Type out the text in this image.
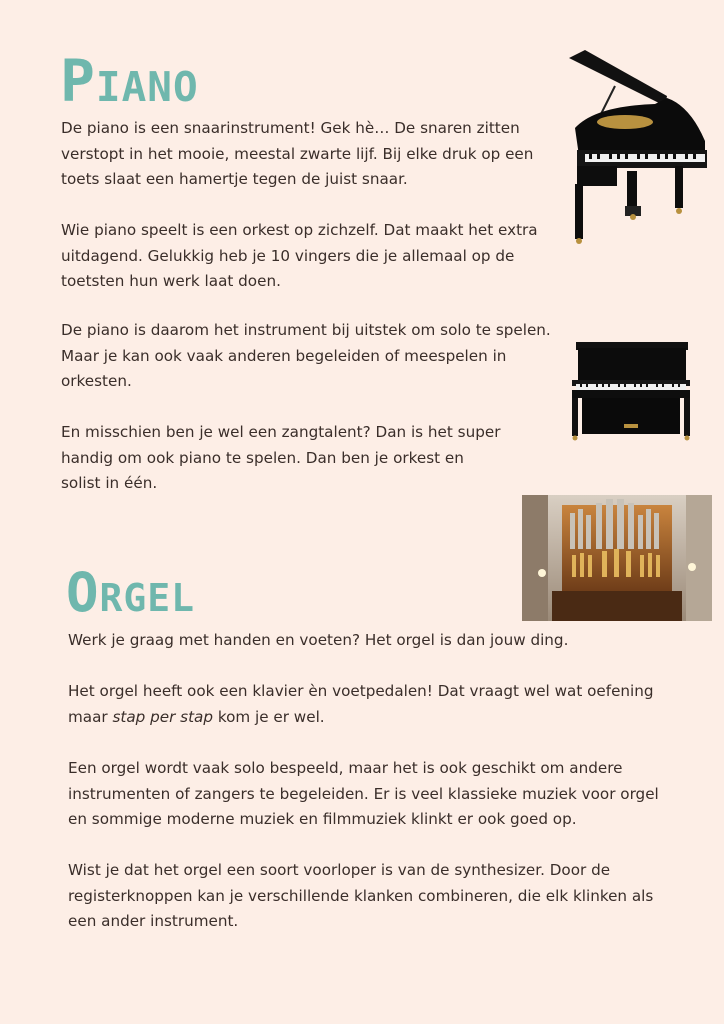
Piano

De piano is een snaarinstrument! Gek hè… De snaren zitten
verstopt in het mooie, meestal zwarte lijf. Bij elke druk op een
toets slaat een hamertje tegen de juist snaar.

Wie piano speelt is een orkest op zichzelf. Dat maakt het extra
uitdagend. Gelukkig heb je 10 vingers die je allemaal op de
toetsten hun werk laat doen.

De piano is daarom het instrument bij uitstek om solo te spelen.
Maar je kan ook vaak anderen begeleiden of meespelen in
orkesten.

En misschien ben je wel een zangtalent? Dan is het super
handig om ook piano te spelen. Dan ben je orkest en
solist in één.

Orgel

Werk je graag met handen en voeten? Het orgel is dan jouw ding.

Het orgel heeft ook een klavier èn voetpedalen! Dat vraagt wel wat oefening
maar stap per stap kom je er wel.

Een orgel wordt vaak solo bespeeld, maar het is ook geschikt om andere
instrumenten of zangers te begeleiden. Er is veel klassieke muziek voor orgel
en sommige moderne muziek en filmmuziek klinkt er ook goed op.

Wist je dat het orgel een soort voorloper is van de synthesizer. Door de
registerknoppen kan je verschillende klanken combineren, die elk klinken als
een ander instrument.
